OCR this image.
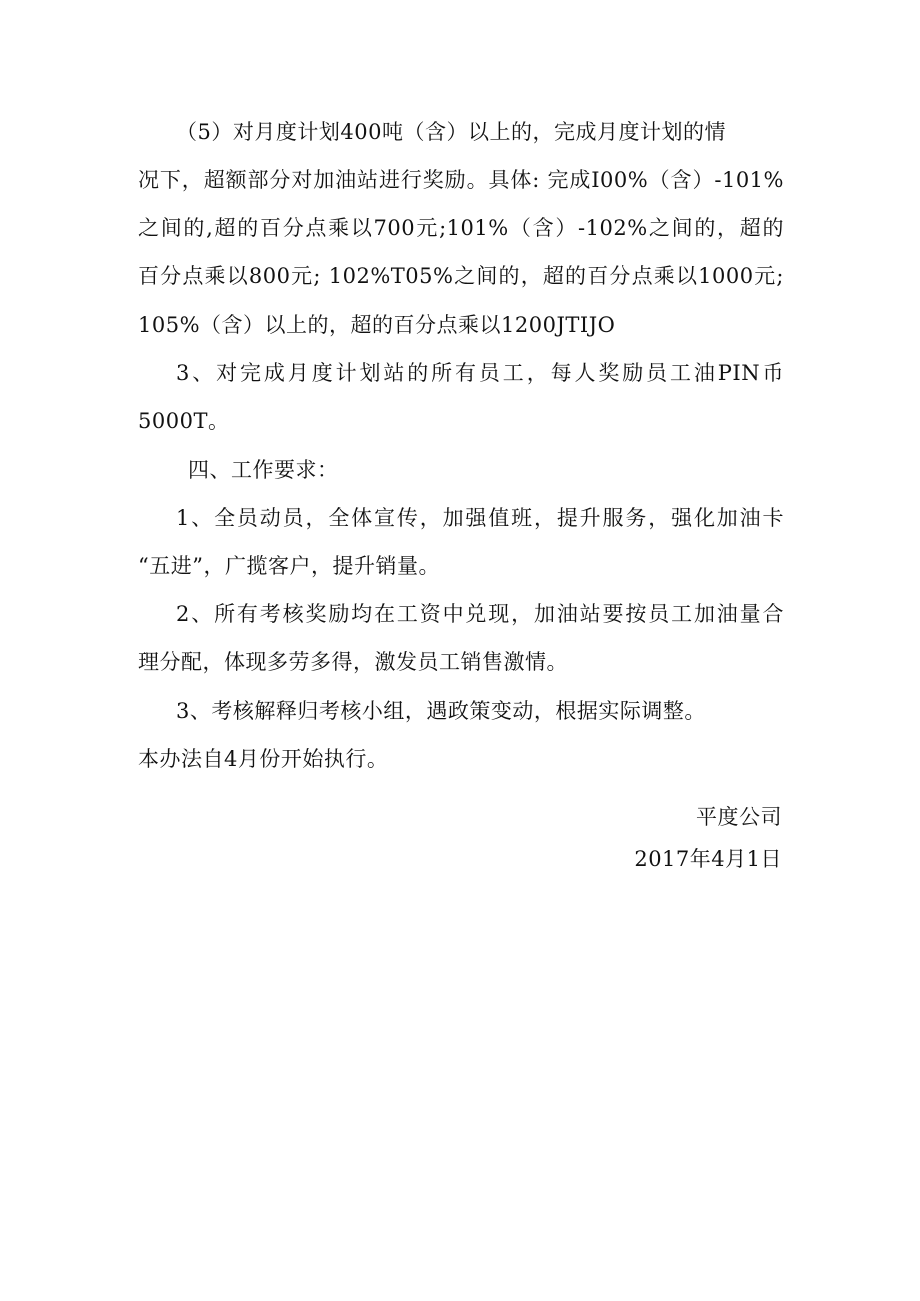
（5）对月度计划400吨（含）以上的，完成月度计划的情
况下，超额部分对加油站进行奖励。具体: 完成I00%（含）-101%
之间的,超的百分点乘以700元;101%（含）-102%之间的，超的
百分点乘以800元; 102%T05%之间的，超的百分点乘以1000元;
105%（含）以上的，超的百分点乘以1200JTIJO
3、对完成月度计划站的所有员工，每人奖励员工油PIN币
5000T。
四、工作要求：
1、全员动员，全体宣传，加强值班，提升服务，强化加油卡
“五进”，广揽客户，提升销量。
2、所有考核奖励均在工资中兑现，加油站要按员工加油量合
理分配，体现多劳多得，激发员工销售激情。
3、考核解释归考核小组，遇政策变动，根据实际调整。
本办法自4月份开始执行。
平度公司
2017年4月1日
